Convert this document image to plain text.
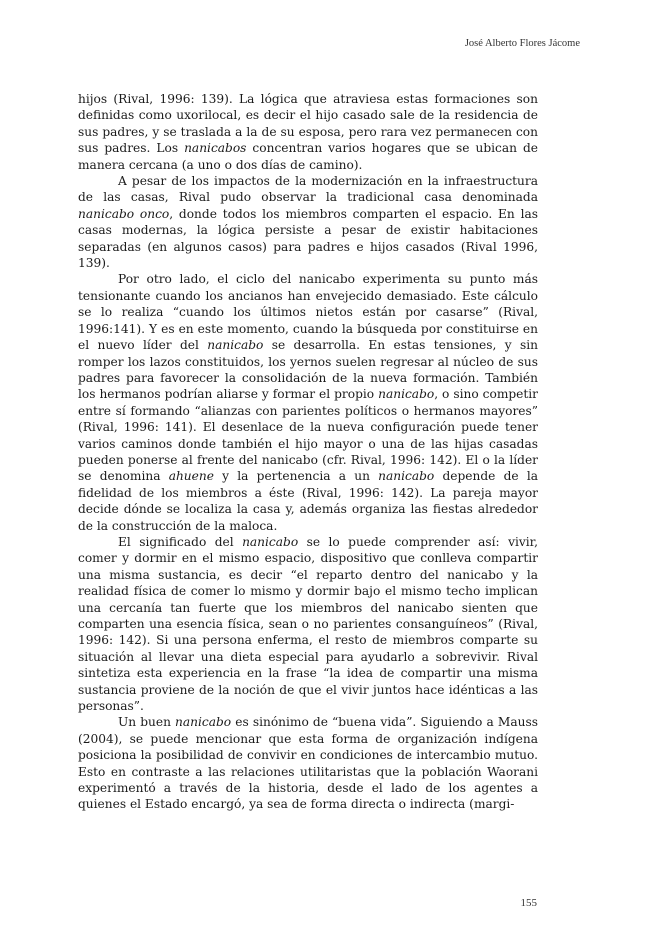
José Alberto Flores Jácome

hijos (Rival, 1996: 139). La lógica que atraviesa estas formaciones son definidas como uxorilocal, es decir el hijo casado sale de la residencia de sus padres, y se traslada a la de su esposa, pero rara vez permanecen con sus padres. Los nanicabos concentran varios hogares que se ubican de manera cercana (a uno o dos días de camino).

A pesar de los impactos de la modernización en la infraestructura de las casas, Rival pudo observar la tradicional casa denominada nanicabo onco, donde todos los miembros comparten el espacio. En las casas modernas, la lógica persiste a pesar de existir habitaciones separadas (en algunos casos) para padres e hijos casados (Rival 1996, 139).

Por otro lado, el ciclo del nanicabo experimenta su punto más tensionante cuando los ancianos han envejecido demasiado. Este cálculo se lo realiza “cuando los últimos nietos están por casarse” (Rival, 1996:141). Y es en este momento, cuando la búsqueda por constituirse en el nuevo líder del nanicabo se desarrolla. En estas tensiones, y sin romper los lazos constituidos, los yernos suelen regresar al núcleo de sus padres para favorecer la consolidación de la nueva formación. También los hermanos podrían aliarse y formar el propio nanicabo, o sino competir entre sí formando “alianzas con parientes políticos o hermanos mayores” (Rival, 1996: 141). El desenlace de la nueva configuración puede tener varios caminos donde también el hijo mayor o una de las hijas casadas pueden ponerse al frente del nanicabo (cfr. Rival, 1996: 142). El o la líder se denomina ahuene y la pertenencia a un nanicabo depende de la fidelidad de los miembros a éste (Rival, 1996: 142). La pareja mayor decide dónde se localiza la casa y, además organiza las fiestas alrededor de la construcción de la maloca.

El significado del nanicabo se lo puede comprender así: vivir, comer y dormir en el mismo espacio, dispositivo que conlleva compartir una misma sustancia, es decir “el reparto dentro del nanicabo y la realidad física de comer lo mismo y dormir bajo el mismo techo implican una cercanía tan fuerte que los miembros del nanicabo sienten que comparten una esencia física, sean o no parientes consanguíneos” (Rival, 1996: 142). Si una persona enferma, el resto de miembros comparte su situación al llevar una dieta especial para ayudarlo a sobrevivir. Rival sintetiza esta experiencia en la frase “la idea de compartir una misma sustancia proviene de la noción de que el vivir juntos hace idénticas a las personas”.

Un buen nanicabo es sinónimo de “buena vida”. Siguiendo a Mauss (2004), se puede mencionar que esta forma de organización indígena posiciona la posibilidad de convivir en condiciones de intercambio mutuo. Esto en contraste a las relaciones utilitaristas que la población Waorani experimentó a través de la historia, desde el lado de los agentes a quienes el Estado encargó, ya sea de forma directa o indirecta (margi-

155
